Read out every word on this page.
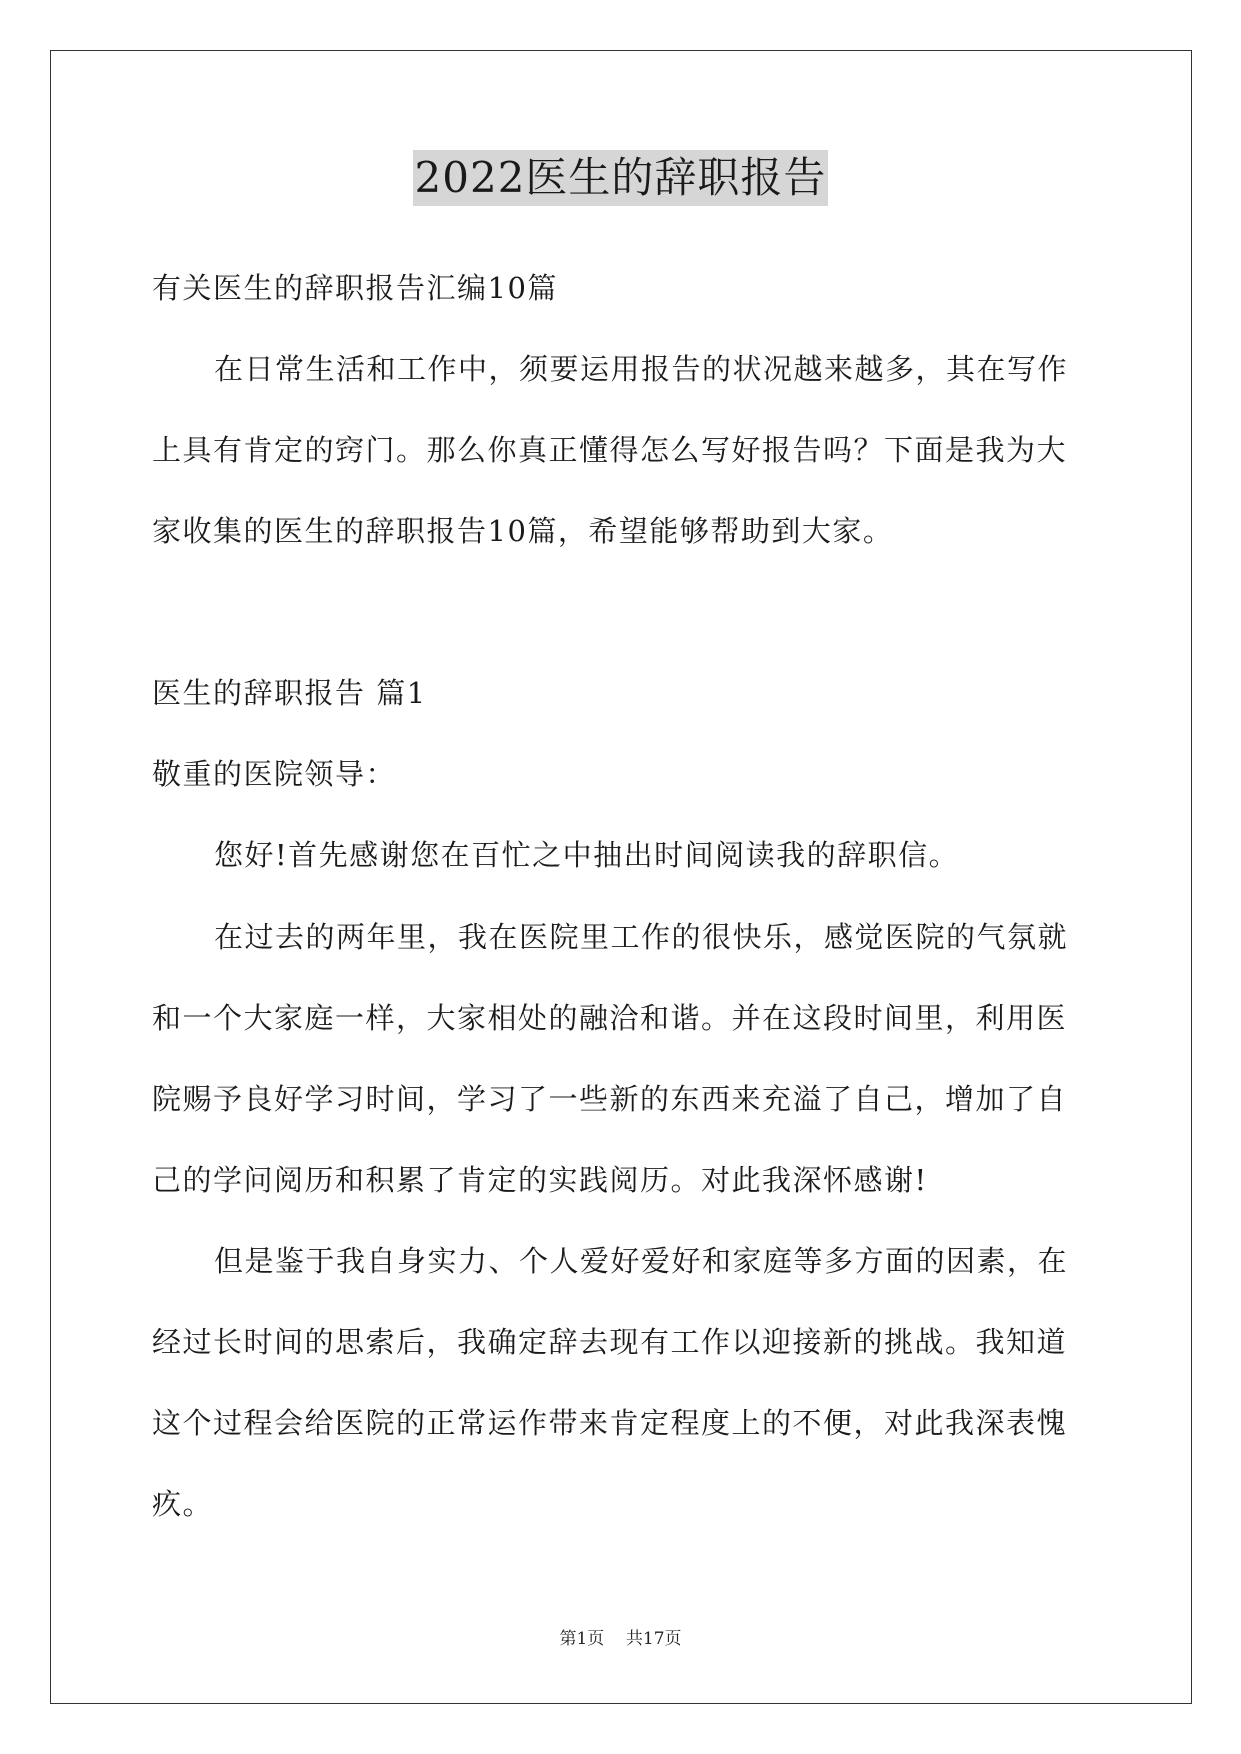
2022医生的辞职报告
有关医生的辞职报告汇编10篇
在日常生活和工作中，须要运用报告的状况越来越多，其在写作
上具有肯定的窍门。那么你真正懂得怎么写好报告吗？下面是我为大
家收集的医生的辞职报告10篇，希望能够帮助到大家。
医生的辞职报告 篇1
敬重的医院领导：
您好!首先感谢您在百忙之中抽出时间阅读我的辞职信。
在过去的两年里，我在医院里工作的很快乐，感觉医院的气氛就
和一个大家庭一样，大家相处的融洽和谐。并在这段时间里，利用医
院赐予良好学习时间，学习了一些新的东西来充溢了自己，增加了自
己的学问阅历和积累了肯定的实践阅历。对此我深怀感谢!
但是鉴于我自身实力、个人爱好爱好和家庭等多方面的因素，在
经过长时间的思索后，我确定辞去现有工作以迎接新的挑战。我知道
这个过程会给医院的正常运作带来肯定程度上的不便，对此我深表愧
疚。
第1页    共17页
